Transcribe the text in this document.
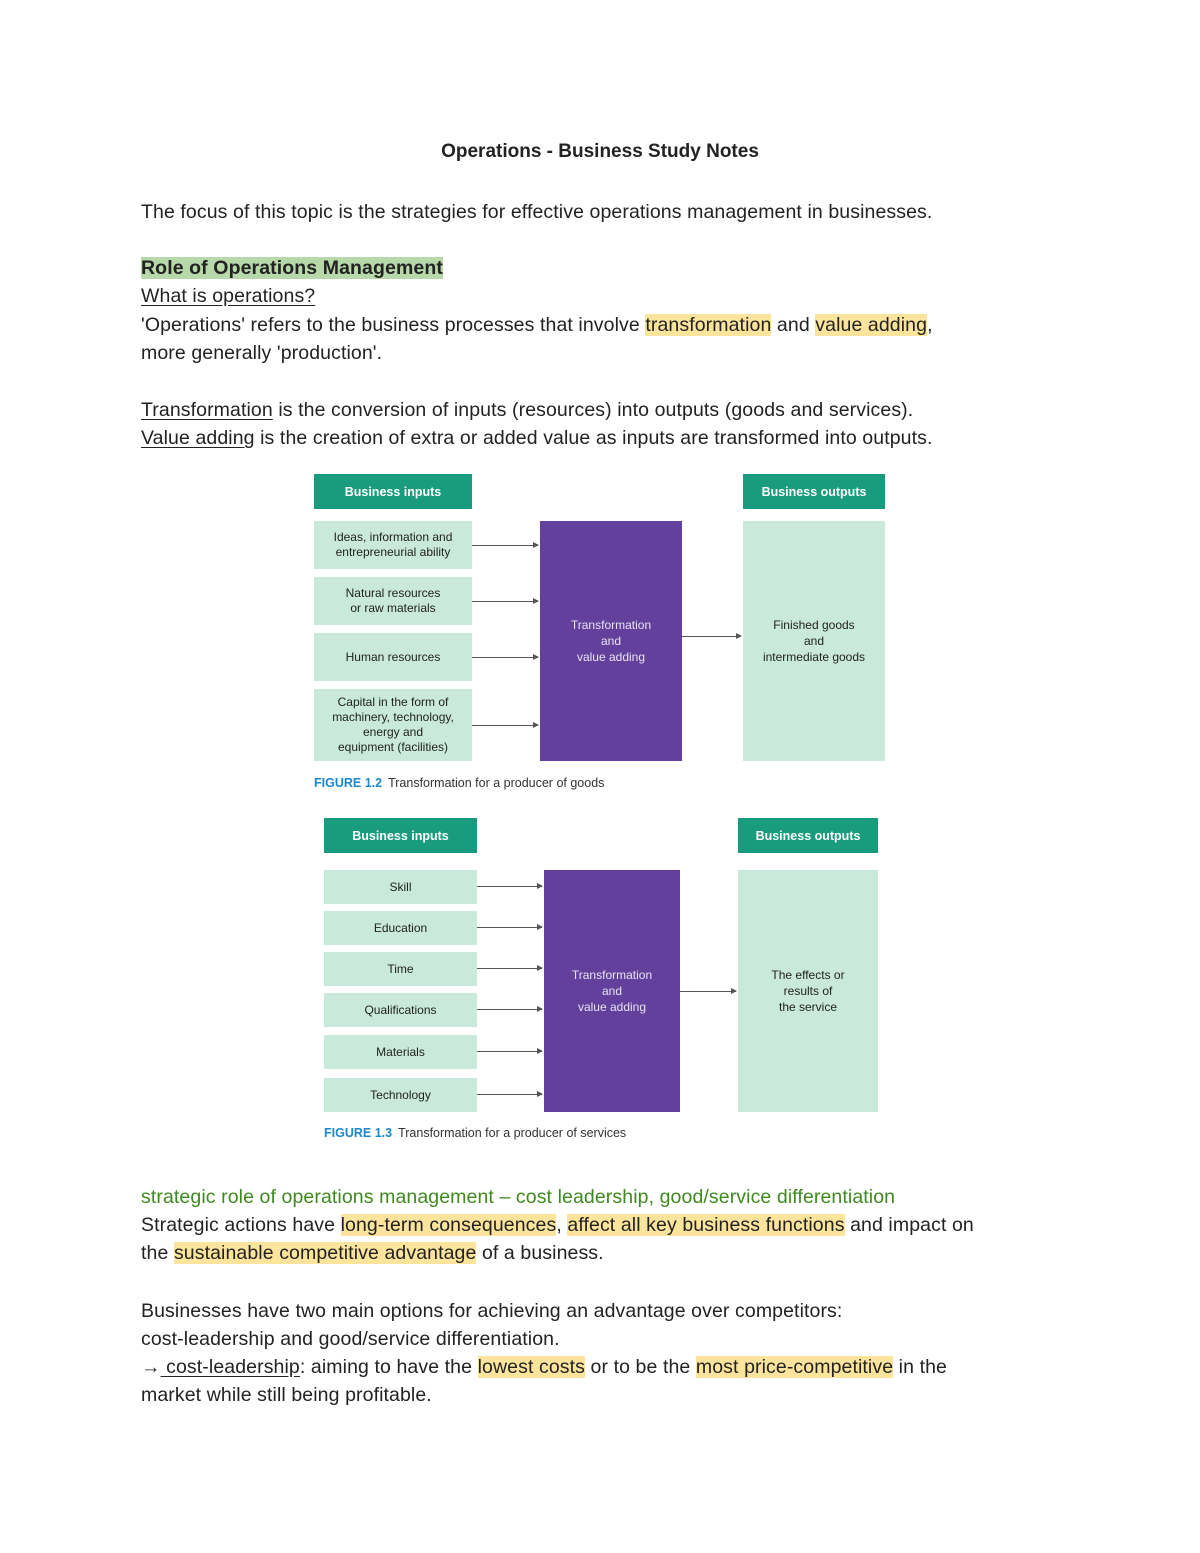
Operations - Business Study Notes
The focus of this topic is the strategies for effective operations management in businesses.
Role of Operations Management
What is operations?
'Operations' refers to the business processes that involve transformation and value adding,
more generally 'production'.
Transformation is the conversion of inputs (resources) into outputs (goods and services).
Value adding is the creation of extra or added value as inputs are transformed into outputs.
Business inputs	Business outputs
Ideas, information and
entrepreneurial ability
Natural resources
or raw materials
Human resources
Capital in the form of
machinery, technology,
energy and
equipment (facilities)
Transformation
and
value adding
Finished goods
and
intermediate goods
FIGURE 1.2 Transformation for a producer of goods
Business inputs	Business outputs
Skill
Education
Time
Qualifications
Materials
Technology
Transformation
and
value adding
The effects or
results of
the service
FIGURE 1.3 Transformation for a producer of services
strategic role of operations management – cost leadership, good/service differentiation
Strategic actions have long-term consequences, affect all key business functions and impact on
the sustainable competitive advantage of a business.
Businesses have two main options for achieving an advantage over competitors:
cost-leadership and good/service differentiation.
→ cost-leadership: aiming to have the lowest costs or to be the most price-competitive in the
market while still being profitable.
